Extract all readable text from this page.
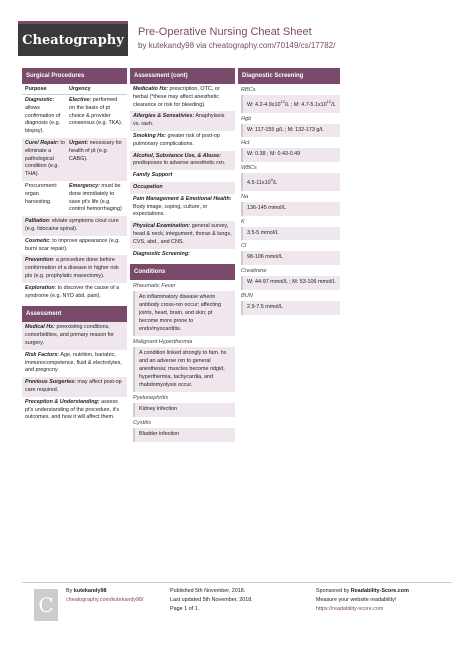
Cheatography
Pre-Operative Nursing Cheat Sheet
by kutekandy98 via cheatography.com/70149/cs/17782/
Surgical Procedures
Purpose	Urgency
Diagnostic: allows confirmation of diagnosis (e.g. biopsy).
Elective: performed on the basis of pt choice & provider consensus (e.g. TKA).
Cure/ Repair: to eliminate a pathological condition (e.g. THA).
Urgent: necessary for health of pt (e.g. CABG).
Procurement: organ harvesting.
Emergency: must be done immdiately to save pt's life (e.g. control hemorrhaging)
Palliation: elviate symptoms c/out cure (e.g. lidocaine spinal).
Cosmetic: to improve appearance (e.g. burn/ scar repair).
Prevention: a procedure done before conformation of a disease in higher risk pts (e.g. prophylatic masectomy).
Exploration: to discover the cause of a syndrome (e.g. NYD abd. pain).
Assessment
Medical Hx: preexisting conditions, comorbidities, and primary reason for surgery.
Risk Factors: Age, nutrition, bariatric, immunocompetence, fluid & electrolytes, and pregncny
Previous Surgeries: may affect post-op care required.
Preception & Understanding: assess pt's understanding of the procedure, it's outcomes, and how it will affect them.
Assessment (cont)
Medicatio Hx: prescription, OTC, or herbal (*these may affect anesthetic clearance or risk for bleeding).
Allergies & Sensativies: Anaphylaxis vs. rash.
Smoking Hx: greater risk of post-op pulmonary complications.
Alcohol, Substance Use, & Abuse: predisposes to adverse anesthetic rxn.
Family Support
Occupation
Pain Management & Emotional Health: Body image, coping, culture, or expectations.
Physical Examination: general survey, head & neck, integument, thorax & lungs, CVS, abd., and CNS.
Diagnostic Screening:
Conditions
Rheumatic Fever
An inflammatory disease wherin antibody cross-rxn occur; affecting joints, heart, brain, and skin; pt become more prone to endo/myocarditis.
Malignant Hyperthermia
A condition linked strongly to fam. hx and an adverse rxn to general anesthesia; muscles become ridgid, hyperthermia, tachycardia, and rhabdomyolysis occur.
Pyelonephritis
Kidney infection
Cystitis
Bladder infection
Diagnostic Screening
RBCs
W: $4.2-4.9x10^{12}/L$ ; M: $4.7-5.1x10^{12}/L$
Hgb
W: 117-155 g/L ; M: 132-173 g/L
Hct
W: 0.38 ; M: 0.43-0.49
WBCs
$4.5-11x10^9/L$
Na
136-145 mmol/L
K
3.5-5 mmol/L
Cl
98-106 mmol/L
Creatinine
W: 44-97 mmol/L ; M: 53-106 mmol/L
BUN
2.9-7.5 mmol/L
C
By kutekandy98
cheatography.com/kutekandy98/
Published 5th November, 2018.
Last updated 5th November, 2018.
Page 1 of 1.
Sponsored by Readability-Score.com
Measure your website readability!
https://readability-score.com
